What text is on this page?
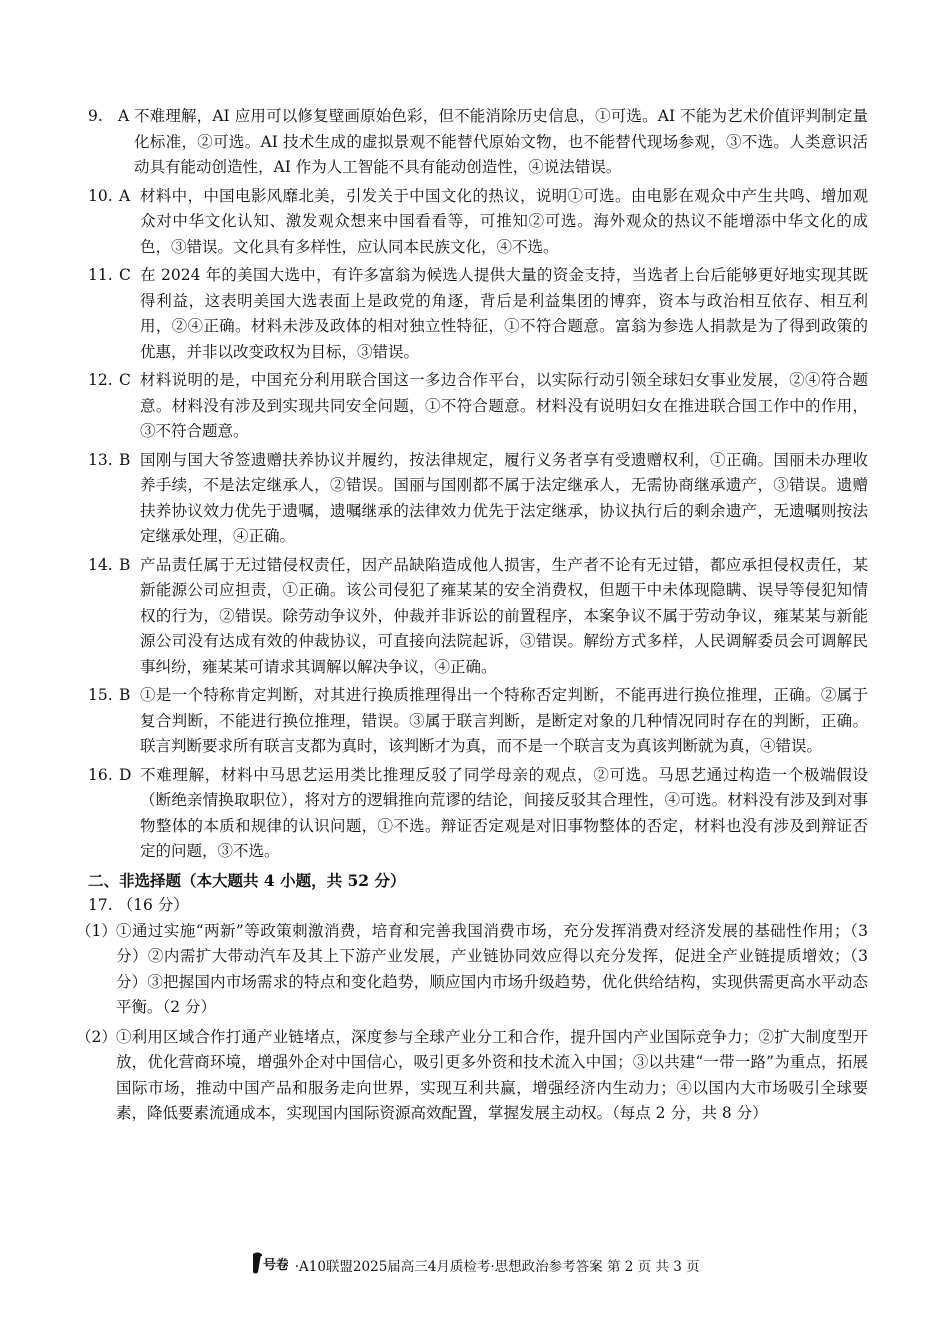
9. A 不难理解，AI 应用可以修复壁画原始色彩，但不能消除历史信息，①可选。AI 不能为艺术价值评判制定量化标准，②可选。AI 技术生成的虚拟景观不能替代原始文物，也不能替代现场参观，③不选。人类意识活动具有能动创造性，AI 作为人工智能不具有能动创造性，④说法错误。
10. A 材料中，中国电影风靡北美，引发关于中国文化的热议，说明①可选。由电影在观众中产生共鸣、增加观众对中华文化认知、激发观众想来中国看看等，可推知②可选。海外观众的热议不能增添中华文化的成色，③错误。文化具有多样性，应认同本民族文化，④不选。
11. C 在 2024 年的美国大选中，有许多富翁为候选人提供大量的资金支持，当选者上台后能够更好地实现其既得利益，这表明美国大选表面上是政党的角逐，背后是利益集团的博弈，资本与政治相互依存、相互利用，②④正确。材料未涉及政体的相对独立性特征，①不符合题意。富翁为参选人捐款是为了得到政策的优惠，并非以改变政权为目标，③错误。
12. C 材料说明的是，中国充分利用联合国这一多边合作平台，以实际行动引领全球妇女事业发展，②④符合题意。材料没有涉及到实现共同安全问题，①不符合题意。材料没有说明妇女在推进联合国工作中的作用，③不符合题意。
13. B 国刚与国大爷签遗赠扶养协议并履约，按法律规定，履行义务者享有受遗赠权利，①正确。国丽未办理收养手续，不是法定继承人，②错误。国丽与国刚都不属于法定继承人，无需协商继承遗产，③错误。遗赠扶养协议效力优先于遗嘱，遗嘱继承的法律效力优先于法定继承，协议执行后的剩余遗产，无遗嘱则按法定继承处理，④正确。
14. B 产品责任属于无过错侵权责任，因产品缺陷造成他人损害，生产者不论有无过错，都应承担侵权责任，某新能源公司应担责，①正确。该公司侵犯了雍某某的安全消费权，但题干中未体现隐瞒、误导等侵犯知情权的行为，②错误。除劳动争议外，仲裁并非诉讼的前置程序，本案争议不属于劳动争议，雍某某与新能源公司没有达成有效的仲裁协议，可直接向法院起诉，③错误。解纷方式多样，人民调解委员会可调解民事纠纷，雍某某可请求其调解以解决争议，④正确。
15. B ①是一个特称肯定判断，对其进行换质推理得出一个特称否定判断，不能再进行换位推理，正确。②属于复合判断，不能进行换位推理，错误。③属于联言判断，是断定对象的几种情况同时存在的判断，正确。联言判断要求所有联言支都为真时，该判断才为真，而不是一个联言支为真该判断就为真，④错误。
16. D 不难理解，材料中马思艺运用类比推理反驳了同学母亲的观点，②可选。马思艺通过构造一个极端假设（断绝亲情换取职位），将对方的逻辑推向荒谬的结论，间接反驳其合理性，④可选。材料没有涉及到对事物整体的本质和规律的认识问题，①不选。辩证否定观是对旧事物整体的否定，材料也没有涉及到辩证否定的问题，③不选。
二、非选择题（本大题共 4 小题，共 52 分）
17. （16 分）
（1） ①通过实施“两新”等政策刺激消费，培育和完善我国消费市场，充分发挥消费对经济发展的基础性作用；（3 分）②内需扩大带动汽车及其上下游产业发展，产业链协同效应得以充分发挥，促进全产业链提质增效；（3 分）③把握国内市场需求的特点和变化趋势，顺应国内市场升级趋势，优化供给结构，实现供需更高水平动态平衡。（2 分）
（2） ①利用区域合作打通产业链堵点，深度参与全球产业分工和合作，提升国内产业国际竞争力；②扩大制度型开放，优化营商环境，增强外企对中国信心，吸引更多外资和技术流入中国；③以共建“一带一路”为重点，拓展国际市场，推动中国产品和服务走向世界，实现互利共赢，增强经济内生动力；④以国内大市场吸引全球要素，降低要素流通成本，实现国内国际资源高效配置，掌握发展主动权。（每点 2 分，共 8 分）
号卷 ·A10联盟2025届高三4月质检考·思想政治参考答案 第 2 页 共 3 页
